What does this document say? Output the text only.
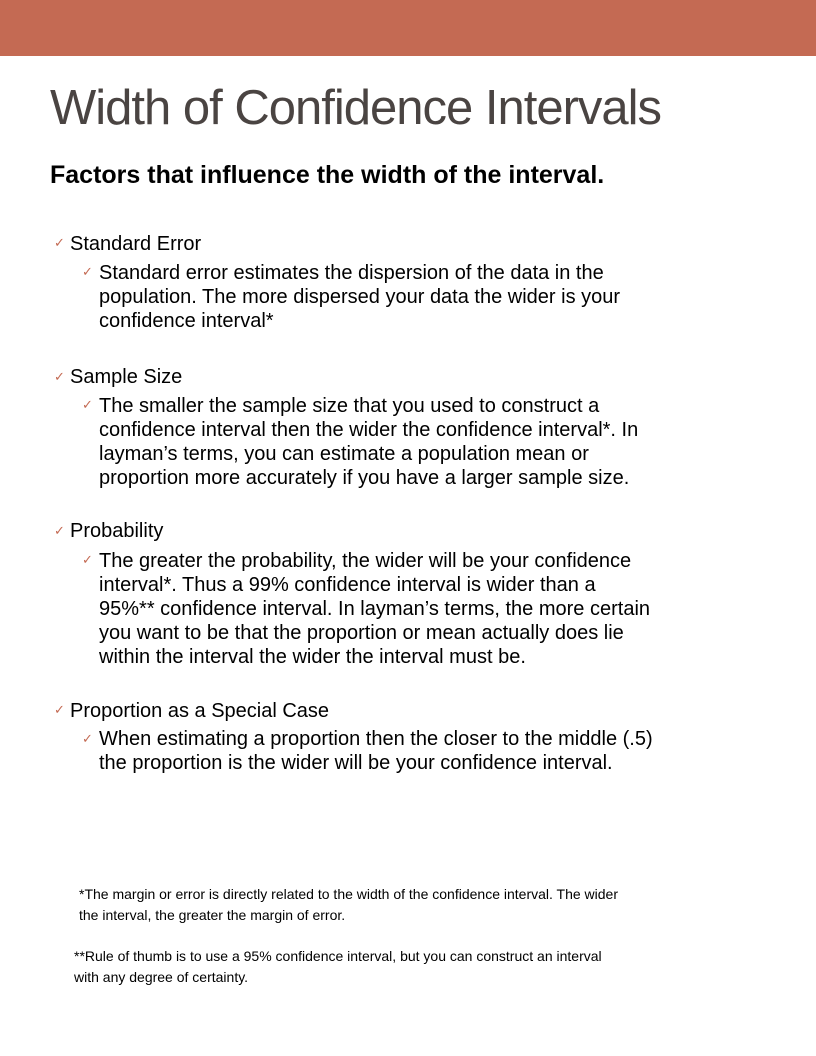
Width of Confidence Intervals
Factors that influence the width of the interval.
✓ Standard Error
✓ Standard error estimates the dispersion of the data in the
population. The more dispersed your data the wider is your
confidence interval*
✓ Sample Size
✓ The smaller the sample size that you used to construct a
confidence interval then the wider the confidence interval*. In
layman’s terms, you can estimate a population mean or
proportion more accurately if you have a larger sample size.
✓ Probability
✓ The greater the probability, the wider will be your confidence
interval*. Thus a 99% confidence interval is wider than a
95%** confidence interval. In layman’s terms, the more certain
you want to be that the proportion or mean actually does lie
within the interval the wider the interval must be.
✓ Proportion as a Special Case
✓ When estimating a proportion then the closer to the middle (.5)
the proportion is the wider will be your confidence interval.
*The margin or error is directly related to the width of the confidence interval. The wider
the interval, the greater the margin of error.
**Rule of thumb is to use a 95% confidence interval, but you can construct an interval
with any degree of certainty.
